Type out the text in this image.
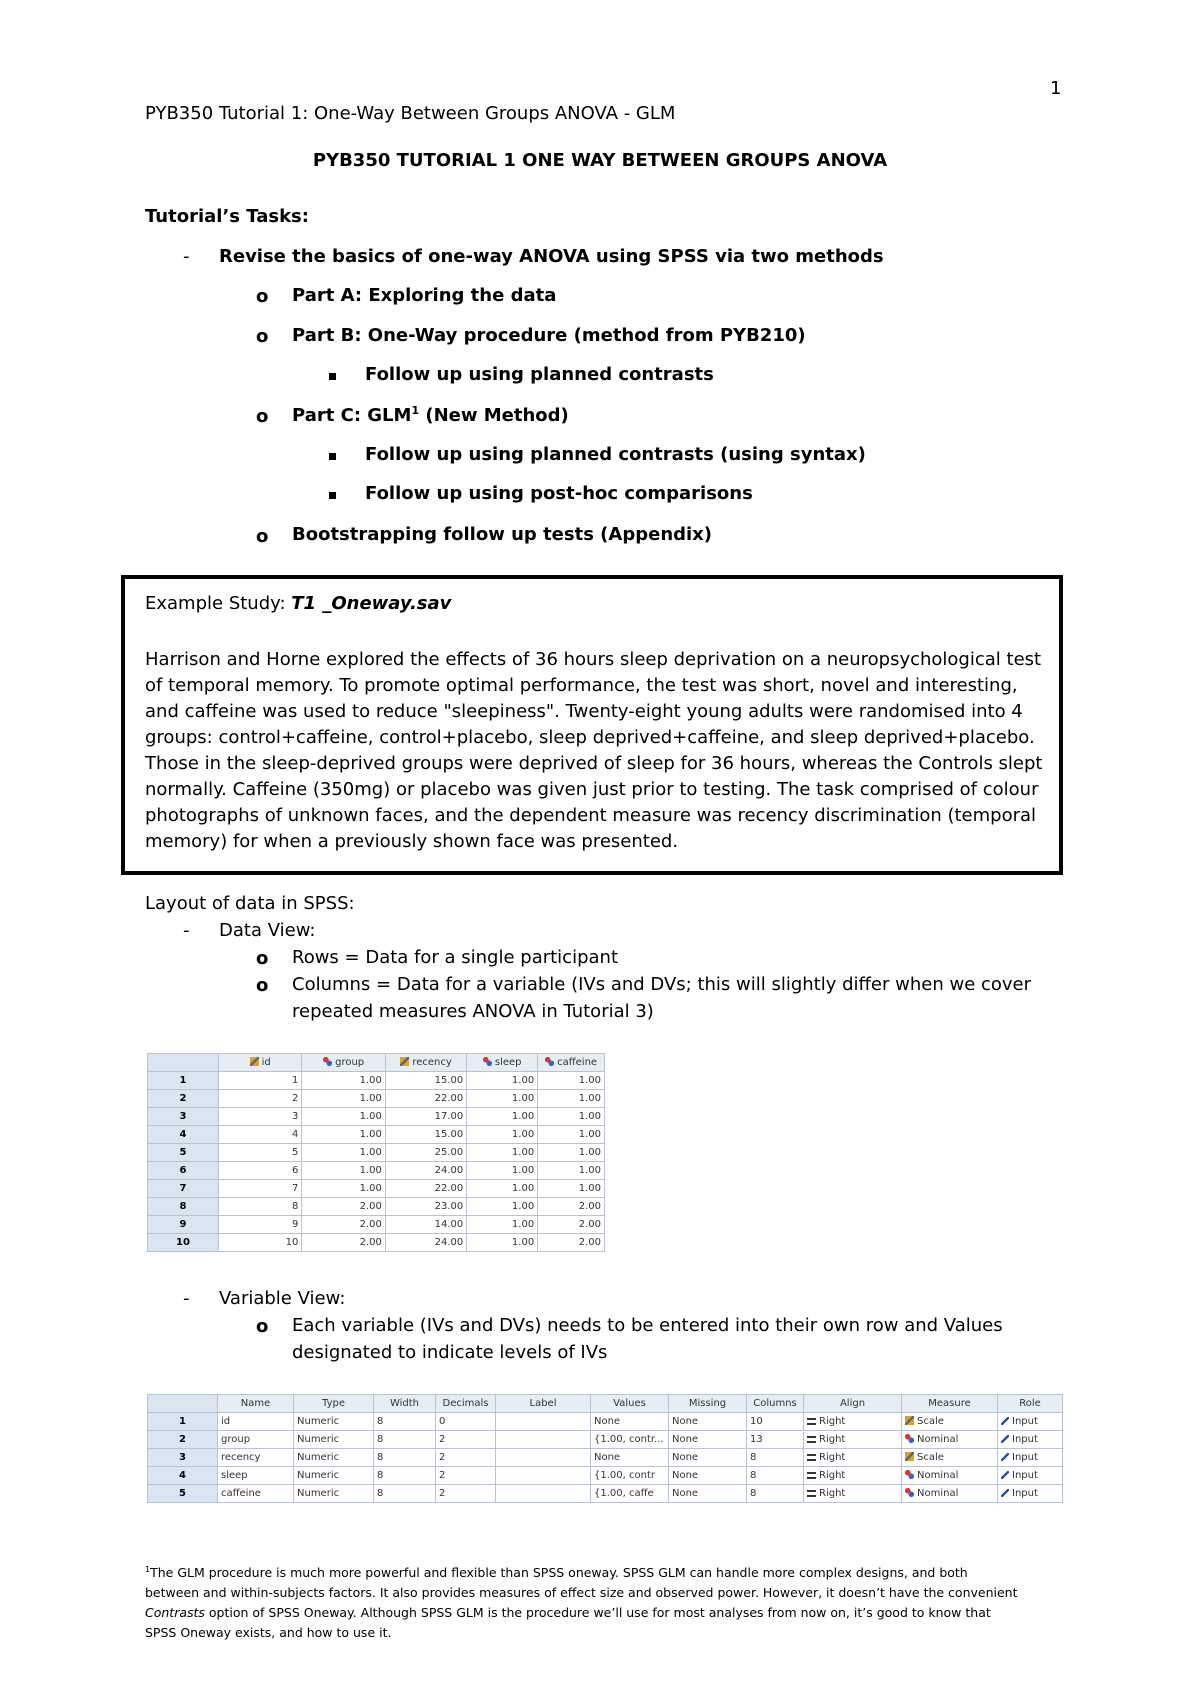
1
PYB350 Tutorial 1: One-Way Between Groups ANOVA - GLM
PYB350 TUTORIAL 1 ONE WAY BETWEEN GROUPS ANOVA
Tutorial’s Tasks:
- Revise the basics of one-way ANOVA using SPSS via two methods
o Part A: Exploring the data
o Part B: One-Way procedure (method from PYB210)
Follow up using planned contrasts
o Part C: GLM$^1$ (New Method)
Follow up using planned contrasts (using syntax)
Follow up using post-hoc comparisons
o Bootstrapping follow up tests (Appendix)
Example Study: T1 _Oneway.sav

Harrison and Horne explored the effects of 36 hours sleep deprivation on a neuropsychological test

of temporal memory. To promote optimal performance, the test was short, novel and interesting,

and caffeine was used to reduce "sleepiness". Twenty-eight young adults were randomised into 4

groups: control+caffeine, control+placebo, sleep deprived+caffeine, and sleep deprived+placebo.

Those in the sleep-deprived groups were deprived of sleep for 36 hours, whereas the Controls slept

normally. Caffeine (350mg) or placebo was given just prior to testing. The task comprised of colour

photographs of unknown faces, and the dependent measure was recency discrimination (temporal

memory) for when a previously shown face was presented.

Layout of data in SPSS:
- Data View:
o Rows = Data for a single participant
o Columns = Data for a variable (IVs and DVs; this will slightly differ when we cover
repeated measures ANOVA in Tutorial 3)
	id	group	recency	sleep	caffeine
1	1	1.00	15.00	1.00	1.00
2	2	1.00	22.00	1.00	1.00
3	3	1.00	17.00	1.00	1.00
4	4	1.00	15.00	1.00	1.00
5	5	1.00	25.00	1.00	1.00
6	6	1.00	24.00	1.00	1.00
7	7	1.00	22.00	1.00	1.00
8	8	2.00	23.00	1.00	2.00
9	9	2.00	14.00	1.00	2.00
10	10	2.00	24.00	1.00	2.00
- Variable View:
o Each variable (IVs and DVs) needs to be entered into their own row and Values
designated to indicate levels of IVs
	Name	Type	Width	Decimals	Label	Values	Missing	Columns	Align	Measure	Role
1	id	Numeric	8	0		None	None	10	Right	Scale	Input
2	group	Numeric	8	2		{1.00, contr...	None	13	Right	Nominal	Input
3	recency	Numeric	8	2		None	None	8	Right	Scale	Input
4	sleep	Numeric	8	2		{1.00, contr	None	8	Right	Nominal	Input
5	caffeine	Numeric	8	2		{1.00, caffe	None	8	Right	Nominal	Input

$^1$The GLM procedure is much more powerful and flexible than SPSS oneway. SPSS GLM can handle more complex designs, and both

between and within-subjects factors. It also provides measures of effect size and observed power. However, it doesn’t have the convenient

Contrasts option of SPSS Oneway. Although SPSS GLM is the procedure we’ll use for most analyses from now on, it’s good to know that

SPSS Oneway exists, and how to use it.
